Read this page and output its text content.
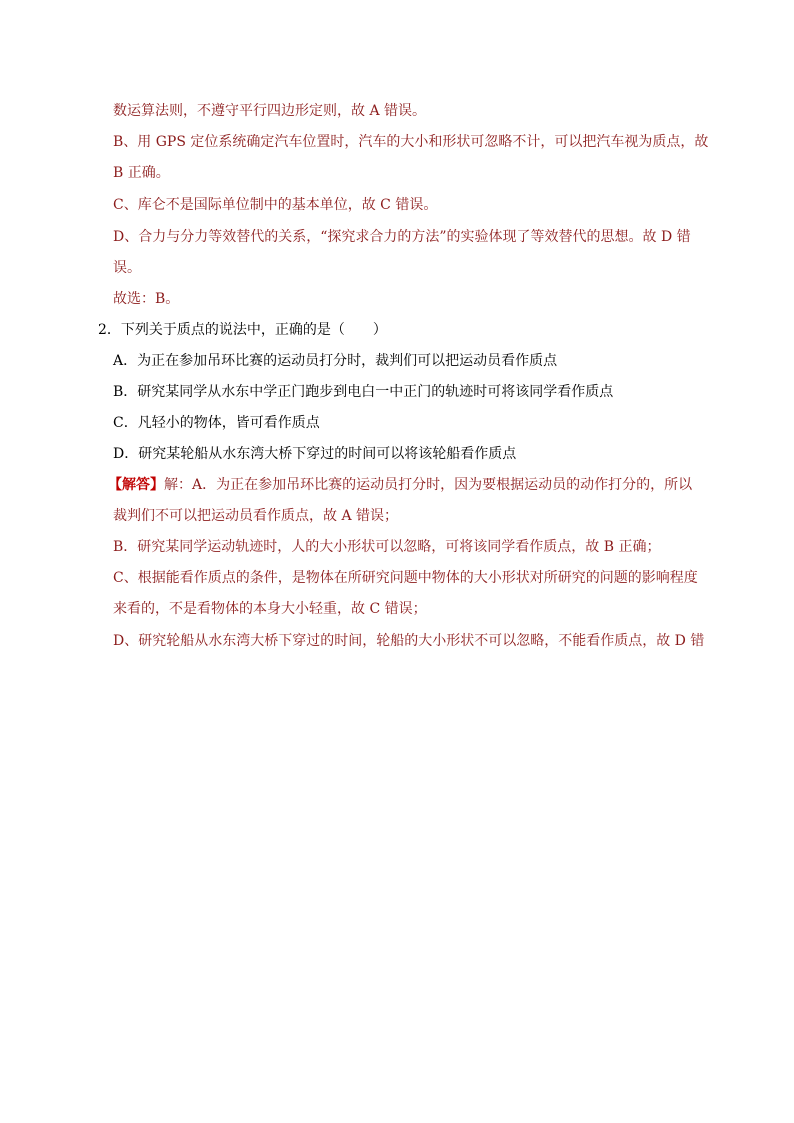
数运算法则，不遵守平行四边形定则，故 A 错误。
B、用 GPS 定位系统确定汽车位置时，汽车的大小和形状可忽略不计，可以把汽车视为质点，故
B 正确。
C、库仑不是国际单位制中的基本单位，故 C 错误。
D、合力与分力等效替代的关系，“探究求合力的方法”的实验体现了等效替代的思想。故 D 错
误。
故选：B。
2．下列关于质点的说法中，正确的是（　　）
A．为正在参加吊环比赛的运动员打分时，裁判们可以把运动员看作质点
B．研究某同学从水东中学正门跑步到电白一中正门的轨迹时可将该同学看作质点
C．凡轻小的物体，皆可看作质点
D．研究某轮船从水东湾大桥下穿过的时间可以将该轮船看作质点
【解答】解：A．为正在参加吊环比赛的运动员打分时，因为要根据运动员的动作打分的，所以
裁判们不可以把运动员看作质点，故 A 错误；
B．研究某同学运动轨迹时，人的大小形状可以忽略，可将该同学看作质点，故 B 正确；
C、根据能看作质点的条件，是物体在所研究问题中物体的大小形状对所研究的问题的影响程度
来看的，不是看物体的本身大小轻重，故 C 错误；
D、研究轮船从水东湾大桥下穿过的时间，轮船的大小形状不可以忽略，不能看作质点，故 D 错
